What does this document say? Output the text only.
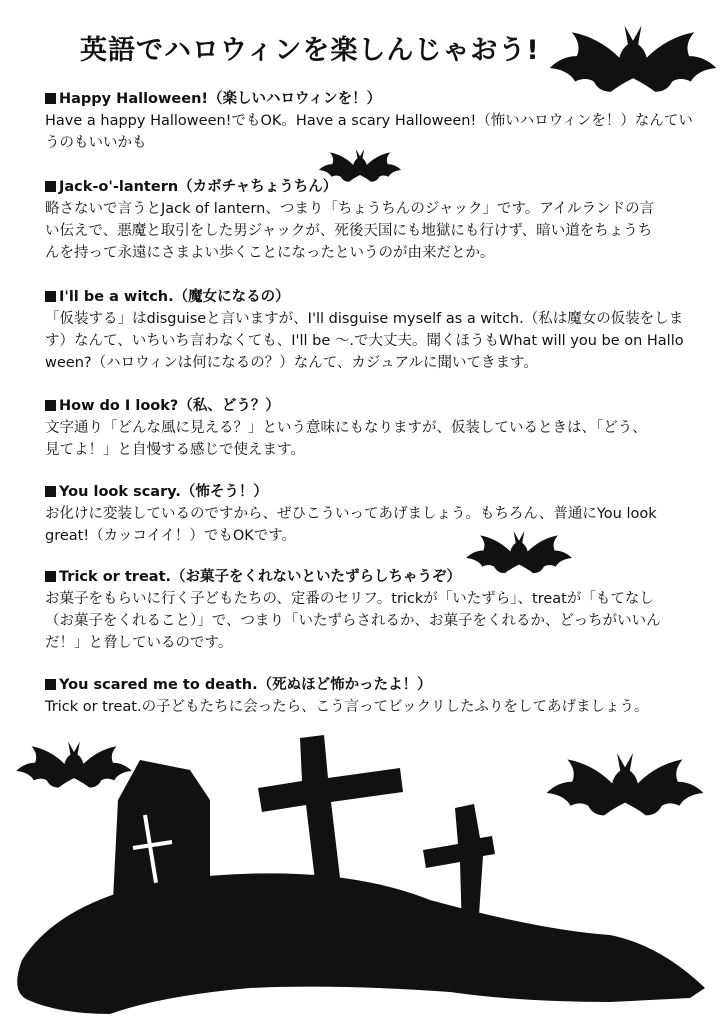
英語でハロウィンを楽しんじゃおう!
Happy Halloween!（楽しいハロウィンを！）
Have a happy Halloween!でもOK。Have a scary Halloween!（怖いハロウィンを！）なんてい
うのもいいかも
Jack-o'-lantern（カボチャちょうちん）
略さないで言うとJack of lantern、つまり「ちょうちんのジャック」です。アイルランドの言
い伝えで、悪魔と取引をした男ジャックが、死後天国にも地獄にも行けず、暗い道をちょうち
んを持って永遠にさまよい歩くことになったというのが由来だとか。
I'll be a witch.（魔女になるの）
「仮装する」はdisguiseと言いますが、I'll disguise myself as a witch.（私は魔女の仮装をしま
す）なんて、いちいち言わなくても、I'll be ～.で大丈夫。聞くほうもWhat will you be on Hallo
ween?（ハロウィンは何になるの？）なんて、カジュアルに聞いてきます。
How do I look?（私、どう？）
文字通り「どんな風に見える？」という意味にもなりますが、仮装しているときは、「どう、
見てよ！」と自慢する感じで使えます。
You look scary.（怖そう！）
お化けに変装しているのですから、ぜひこういってあげましょう。もちろん、普通にYou look
great!（カッコイイ！）でもOKです。
Trick or treat.（お菓子をくれないといたずらしちゃうぞ）
お菓子をもらいに行く子どもたちの、定番のセリフ。trickが「いたずら」、treatが「もてなし
（お菓子をくれること）」で、つまり「いたずらされるか、お菓子をくれるか、どっちがいいん
だ！」と脅しているのです。
You scared me to death.（死ぬほど怖かったよ！）
Trick or treat.の子どもたちに会ったら、こう言ってビックリしたふりをしてあげましょう。
